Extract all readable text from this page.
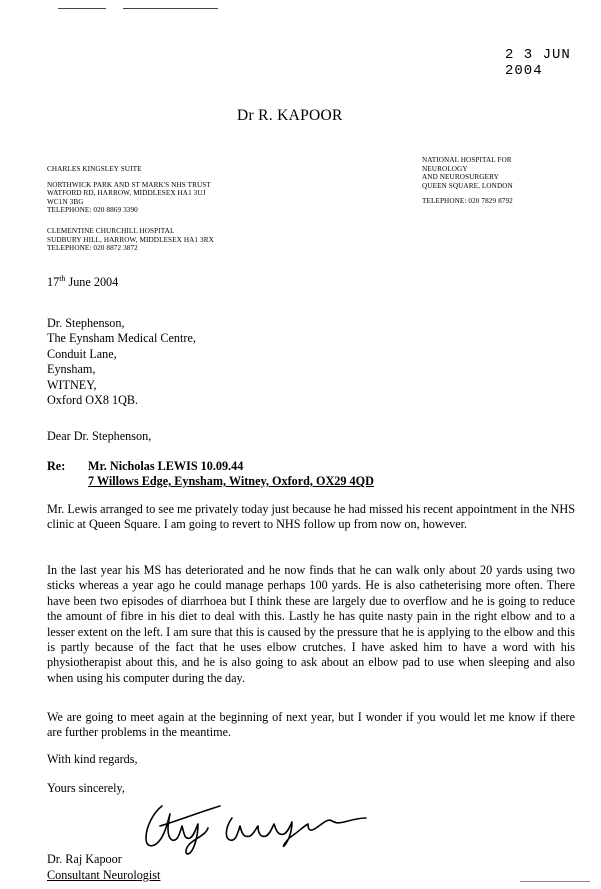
2 3 JUN 2004
Dr R. KAPOOR
CHARLES KINGSLEY SUITE
NORTHWICK PARK AND ST MARK'S NHS TRUST
WATFORD RD, HARROW, MIDDLESEX HA1 3UJ
WC1N 3BG
TELEPHONE: 020 8869 3390
CLEMENTINE CHURCHILL HOSPITAL
SUDBURY HILL, HARROW, MIDDLESEX HA1 3RX
TELEPHONE: 020 8872 3872
NATIONAL HOSPITAL FOR
NEUROLOGY
AND NEUROSURGERY
QUEEN SQUARE, LONDON
TELEPHONE: 020 7829 8792
17th June 2004
Dr. Stephenson,
The Eynsham Medical Centre,
Conduit Lane,
Eynsham,
WITNEY,
Oxford OX8 1QB.
Dear Dr. Stephenson,
Re: Mr. Nicholas LEWIS 10.09.44
7 Willows Edge, Eynsham, Witney, Oxford, OX29 4QD
Mr. Lewis arranged to see me privately today just because he had missed his recent appointment in the NHS clinic at Queen Square. I am going to revert to NHS follow up from now on, however.
In the last year his MS has deteriorated and he now finds that he can walk only about 20 yards using two sticks whereas a year ago he could manage perhaps 100 yards. He is also catheterising more often. There have been two episodes of diarrhoea but I think these are largely due to overflow and he is going to reduce the amount of fibre in his diet to deal with this. Lastly he has quite nasty pain in the right elbow and to a lesser extent on the left. I am sure that this is caused by the pressure that he is applying to the elbow and this is partly because of the fact that he uses elbow crutches. I have asked him to have a word with his physiotherapist about this, and he is also going to ask about an elbow pad to use when sleeping and also when using his computer during the day.
We are going to meet again at the beginning of next year, but I wonder if you would let me know if there are further problems in the meantime.
With kind regards,
Yours sincerely,
Dr. Raj Kapoor
Consultant Neurologist
